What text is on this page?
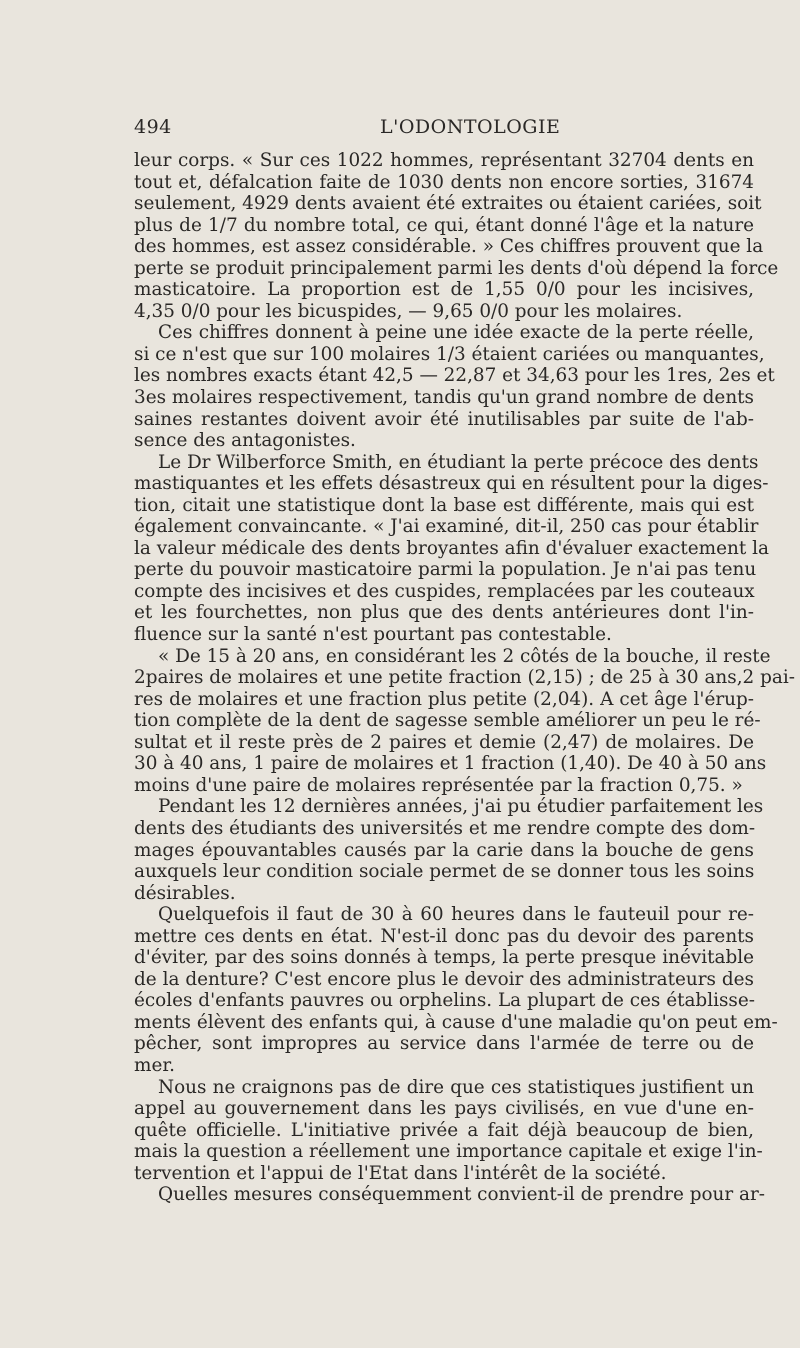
494	L'ODONTOLOGIE
leur corps. « Sur ces 1022 hommes, représentant 32704 dents en
tout et, défalcation faite de 1030 dents non encore sorties, 31674
seulement, 4929 dents avaient été extraites ou étaient cariées, soit
plus de 1/7 du nombre total, ce qui, étant donné l'âge et la nature
des hommes, est assez considérable. » Ces chiffres prouvent que la
perte se produit principalement parmi les dents d'où dépend la force
masticatoire. La proportion est de 1,55 0/0 pour les incisives,
4,35 0/0 pour les bicuspides, — 9,65 0/0 pour les molaires.
Ces chiffres donnent à peine une idée exacte de la perte réelle,
si ce n'est que sur 100 molaires 1/3 étaient cariées ou manquantes,
les nombres exacts étant 42,5 — 22,87 et 34,63 pour les 1res, 2es et
3es molaires respectivement, tandis qu'un grand nombre de dents
saines restantes doivent avoir été inutilisables par suite de l'ab-
sence des antagonistes.
Le Dr Wilberforce Smith, en étudiant la perte précoce des dents
mastiquantes et les effets désastreux qui en résultent pour la diges-
tion, citait une statistique dont la base est différente, mais qui est
également convaincante. « J'ai examiné, dit-il, 250 cas pour établir
la valeur médicale des dents broyantes afin d'évaluer exactement la
perte du pouvoir masticatoire parmi la population. Je n'ai pas tenu
compte des incisives et des cuspides, remplacées par les couteaux
et les fourchettes, non plus que des dents antérieures dont l'in-
fluence sur la santé n'est pourtant pas contestable.
« De 15 à 20 ans, en considérant les 2 côtés de la bouche, il reste
2paires de molaires et une petite fraction (2,15) ; de 25 à 30 ans,2 pai-
res de molaires et une fraction plus petite (2,04). A cet âge l'érup-
tion complète de la dent de sagesse semble améliorer un peu le ré-
sultat et il reste près de 2 paires et demie (2,47) de molaires. De
30 à 40 ans, 1 paire de molaires et 1 fraction (1,40). De 40 à 50 ans
moins d'une paire de molaires représentée par la fraction 0,75. »
Pendant les 12 dernières années, j'ai pu étudier parfaitement les
dents des étudiants des universités et me rendre compte des dom-
mages épouvantables causés par la carie dans la bouche de gens
auxquels leur condition sociale permet de se donner tous les soins
désirables.
Quelquefois il faut de 30 à 60 heures dans le fauteuil pour re-
mettre ces dents en état. N'est-il donc pas du devoir des parents
d'éviter, par des soins donnés à temps, la perte presque inévitable
de la denture? C'est encore plus le devoir des administrateurs des
écoles d'enfants pauvres ou orphelins. La plupart de ces établisse-
ments élèvent des enfants qui, à cause d'une maladie qu'on peut em-
pêcher, sont impropres au service dans l'armée de terre ou de
mer.
Nous ne craignons pas de dire que ces statistiques justifient un
appel au gouvernement dans les pays civilisés, en vue d'une en-
quête officielle. L'initiative privée a fait déjà beaucoup de bien,
mais la question a réellement une importance capitale et exige l'in-
tervention et l'appui de l'Etat dans l'intérêt de la société.
Quelles mesures conséquemment convient-il de prendre pour ar-
